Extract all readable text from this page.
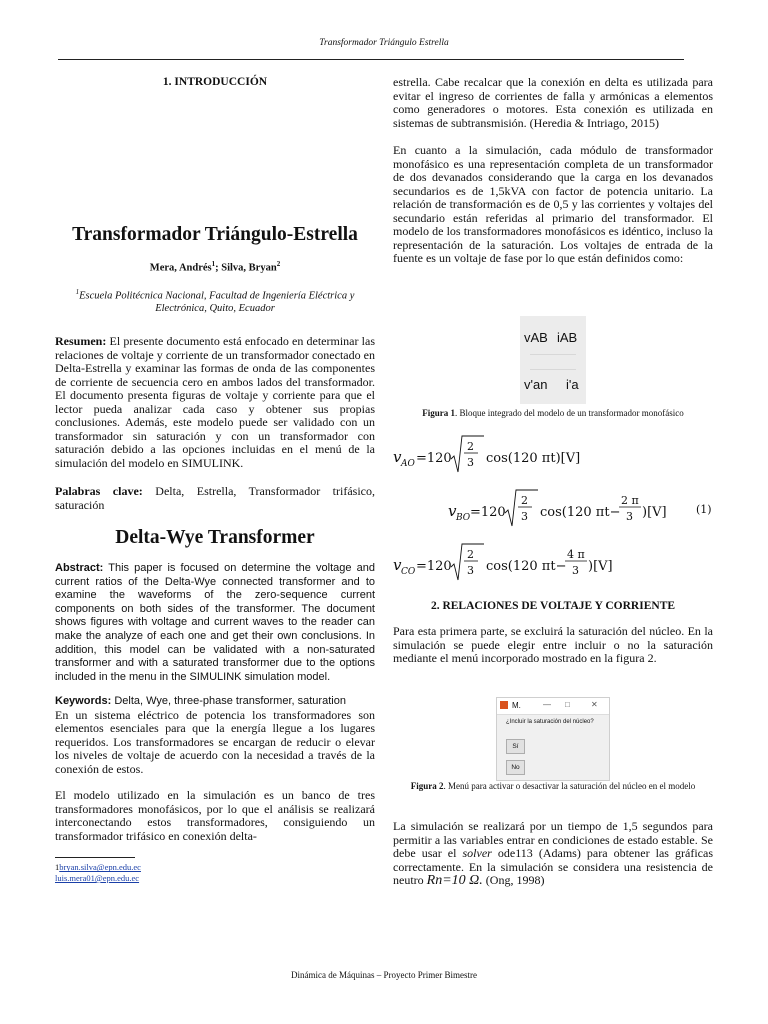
Transformador Triángulo Estrella

1. INTRODUCCIÓN

Transformador Triángulo-Estrella

Mera, Andrés$^1$; Silva, Bryan$^2$

$^1$Escuela Politécnica Nacional, Facultad de Ingeniería Eléctrica y Electrónica, Quito, Ecuador

Resumen: El presente documento está enfocado en determinar las relaciones de voltaje y corriente de un transformador conectado en Delta-Estrella y examinar las formas de onda de las componentes de corriente de secuencia cero en ambos lados del transformador. El documento presenta figuras de voltaje y corriente para que el lector pueda analizar cada caso y obtener sus propias conclusiones. Además, este modelo puede ser validado con un transformador sin saturación y con un transformador con saturación debido a las opciones incluidas en el menú de la simulación del modelo en SIMULINK.

Palabras clave: Delta, Estrella, Transformador trifásico, saturación

Delta-Wye Transformer

Abstract: This paper is focused on determine the voltage and current ratios of the Delta-Wye connected transformer and to examine the waveforms of the zero-sequence current components on both sides of the transformer. The document shows figures with voltage and current waves to the reader can make the analyze of each one and get their own conclusions. In addition, this model can be validated with a non-saturated transformer and with a saturated transformer due to the options included in the menu in the SIMULINK simulation model.

Keywords: Delta, Wye, three-phase transformer, saturation

En un sistema eléctrico de potencia los transformadores son elementos esenciales para que la energía llegue a los lugares requeridos. Los transformadores se encargan de reducir o elevar los niveles de voltaje de acuerdo con la necesidad a través de la conexión de estos.

El modelo utilizado en la simulación es un banco de tres transformadores monofásicos, por lo que el análisis se realizará interconectando estos transformadores, consiguiendo un transformador trifásico en conexión delta-

1bryan.silva@epn.edu.ec
luis.mera01@epn.edu.ec

estrella. Cabe recalcar que la conexión en delta es utilizada para evitar el ingreso de corrientes de falla y armónicas a elementos como generadores o motores. Esta conexión es utilizada en sistemas de subtransmisión. (Heredia & Intriago, 2015)

En cuanto a la simulación, cada módulo de transformador monofásico es una representación completa de un transformador de dos devanados considerando que la carga en los devanados secundarios es de 1,5kVA con factor de potencia unitario. La relación de transformación es de 0,5 y las corrientes y voltajes del secundario están referidas al primario del transformador. El modelo de los transformadores monofásicos es idéntico, incluso la representación de la saturación. Los voltajes de entrada de la fuente es un voltaje de fase por lo que están definidos como:

vAB iAB
v'an i'a

Figura 1. Bloque integrado del modelo de un transformador monofásico

v AO =120
2
3 cos(120 πt)[V]
v BO =120
2
3 cos(120 πt−
2 π
3 )[V]	(1)
v CO =120
2
3 cos(120 πt−
4 π
3 )[V]

2. RELACIONES DE VOLTAJE Y CORRIENTE

Para esta primera parte, se excluirá la saturación del núcleo. En la simulación se puede elegir entre incluir o no la saturación mediante el menú incorporado mostrado en la figura 2.

M.	— □	✕
¿Incluir la saturación del núcleo?
Sí
No

Figura 2. Menú para activar o desactivar la saturación del núcleo en el modelo

La simulación se realizará por un tiempo de 1,5 segundos para permitir a las variables entrar en condiciones de estado estable. Se debe usar el solver ode113 (Adams) para obtener las gráficas correctamente. En la simulación se considera una resistencia de neutro Rn=10 Ω. (Ong, 1998)

Dinámica de Máquinas – Proyecto Primer Bimestre
